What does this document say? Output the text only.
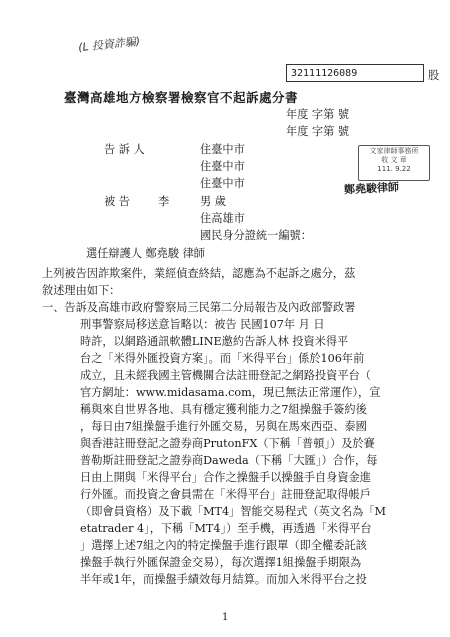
(L 投資詐騙)
32111126089	股
臺灣高雄地方檢察署檢察官不起訴處分書
年度 字第 號
年度 字第 號
告 訴 人	住臺中市
住臺中市
住臺中市
文家律師事務所
收 文 章
111. 9.22
鄭堯駿律師
被 告	李	男 歲
住高雄市
國民身分證統一編號：
選任辯護人 鄭堯駿 律師
上列被告因詐欺案件，業經偵查終結，認應為不起訴之處分，茲
敘述理由如下：
一、告訴及高雄市政府警察局三民第二分局報告及內政部警政署
刑事警察局移送意旨略以：被告 民國107年 月 日
時許，以網路通訊軟體LINE邀約告訴人林 投資米得平
台之「米得外匯投資方案」。而「米得平台」係於106年前
成立，且未經我國主管機關合法註冊登記之網路投資平台（
官方網址：www.midasama.com，現已無法正常運作），宣
稱與來自世界各地、具有穩定獲利能力之7組操盤手簽約後
，每日由7組操盤手進行外匯交易，另與在馬來西亞、泰國
與香港註冊登記之證券商PrutonFX（下稱「普頓」）及於賽
普勒斯註冊登記之證券商Daweda（下稱「大匯」）合作，每
日由上開與「米得平台」合作之操盤手以操盤手自身資金進
行外匯。而投資之會員需在「米得平台」註冊登記取得帳戶
（即會員資格）及下載「MT4」智能交易程式（英文名為「M
etatrader 4」，下稱「MT4」）至手機，再透過「米得平台
」選擇上述7組之內的特定操盤手進行跟單（即全權委託該
操盤手執行外匯保證金交易），每次選擇1組操盤手期限為
半年或1年，而操盤手績效每月結算。而加入米得平台之投
1
